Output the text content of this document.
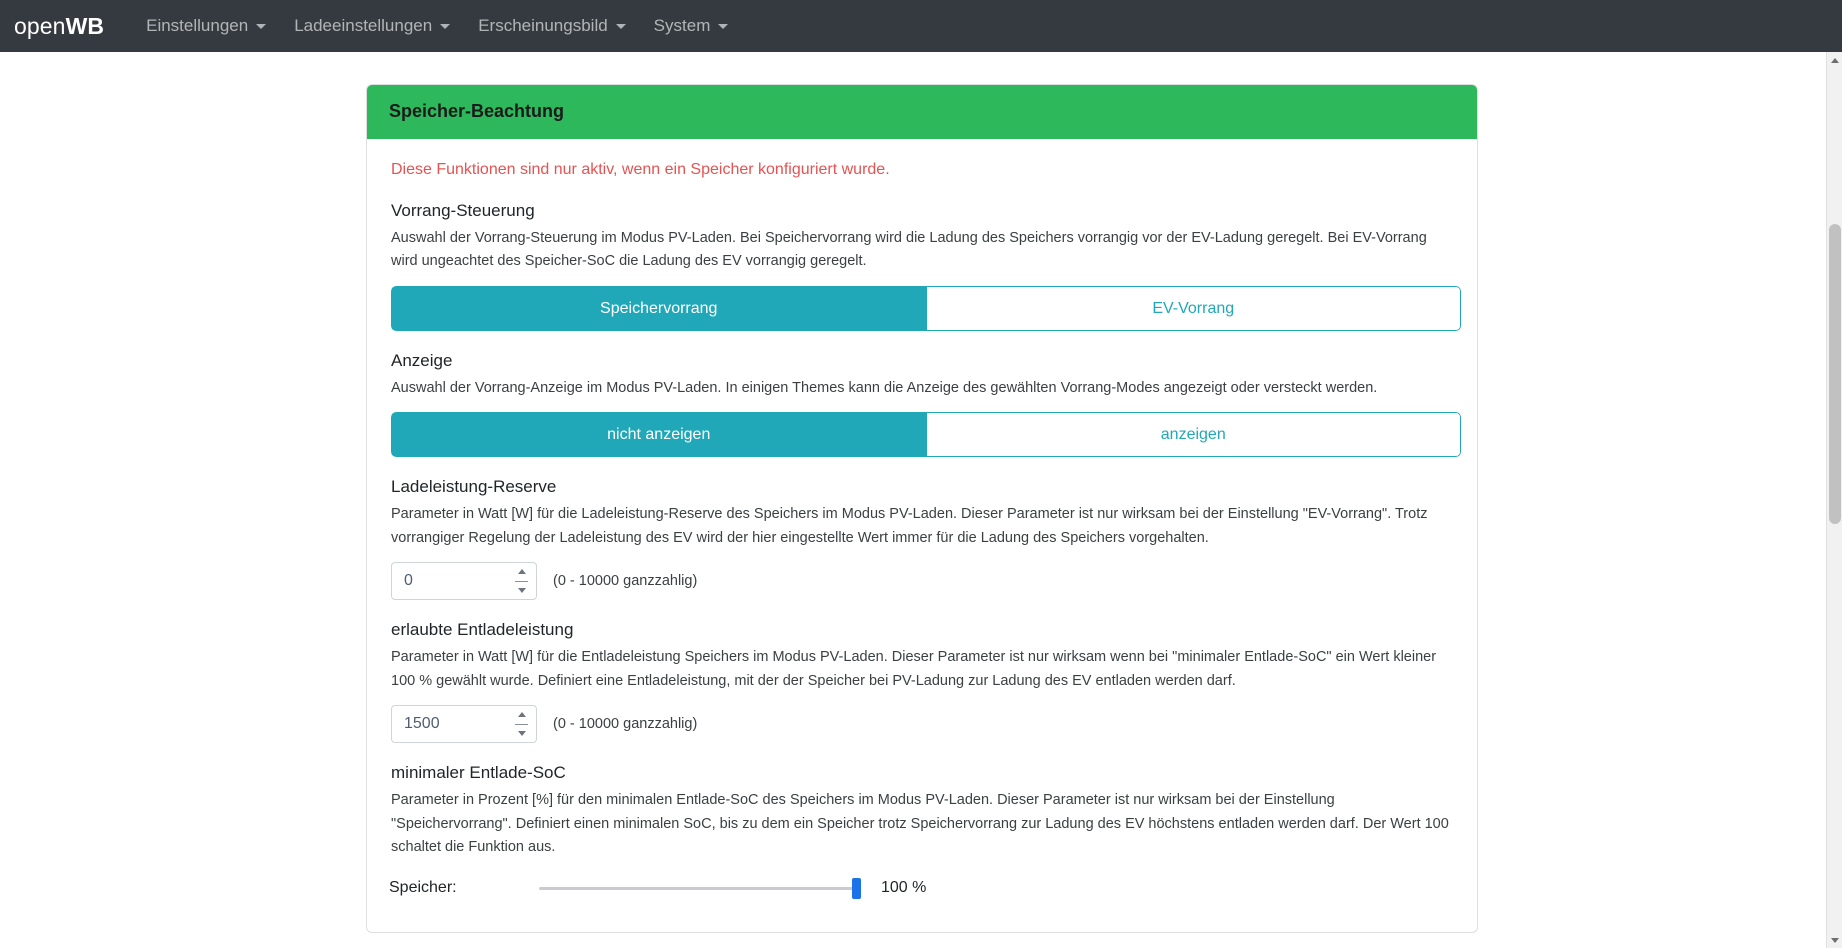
openWB Einstellungen	Ladeeinstellungen	Erscheinungsbild	System
Speicher-Beachtung
Diese Funktionen sind nur aktiv, wenn ein Speicher konfiguriert wurde.
Vorrang-Steuerung
Auswahl der Vorrang-Steuerung im Modus PV-Laden. Bei Speichervorrang wird die Ladung des Speichers vorrangig vor der EV-Ladung geregelt. Bei EV-Vorrang wird ungeachtet des Speicher-SoC die Ladung des EV vorrangig geregelt.
Speichervorrang	EV-Vorrang
Anzeige
Auswahl der Vorrang-Anzeige im Modus PV-Laden. In einigen Themes kann die Anzeige des gewählten Vorrang-Modes angezeigt oder versteckt werden.
nicht anzeigen	anzeigen
Ladeleistung-Reserve
Parameter in Watt [W] für die Ladeleistung-Reserve des Speichers im Modus PV-Laden. Dieser Parameter ist nur wirksam bei der Einstellung "EV-Vorrang". Trotz vorrangiger Regelung der Ladeleistung des EV wird der hier eingestellte Wert immer für die Ladung des Speichers vorgehalten.
0
(0 - 10000 ganzzahlig)
erlaubte Entladeleistung
Parameter in Watt [W] für die Entladeleistung Speichers im Modus PV-Laden. Dieser Parameter ist nur wirksam wenn bei "minimaler Entlade-SoC" ein Wert kleiner 100 % gewählt wurde. Definiert eine Entladeleistung, mit der der Speicher bei PV-Ladung zur Ladung des EV entladen werden darf.
1500
(0 - 10000 ganzzahlig)
minimaler Entlade-SoC
Parameter in Prozent [%] für den minimalen Entlade-SoC des Speichers im Modus PV-Laden. Dieser Parameter ist nur wirksam bei der Einstellung "Speichervorrang". Definiert einen minimalen SoC, bis zu dem ein Speicher trotz Speichervorrang zur Ladung des EV höchstens entladen werden darf. Der Wert 100 schaltet die Funktion aus.
Speicher:	100 %
